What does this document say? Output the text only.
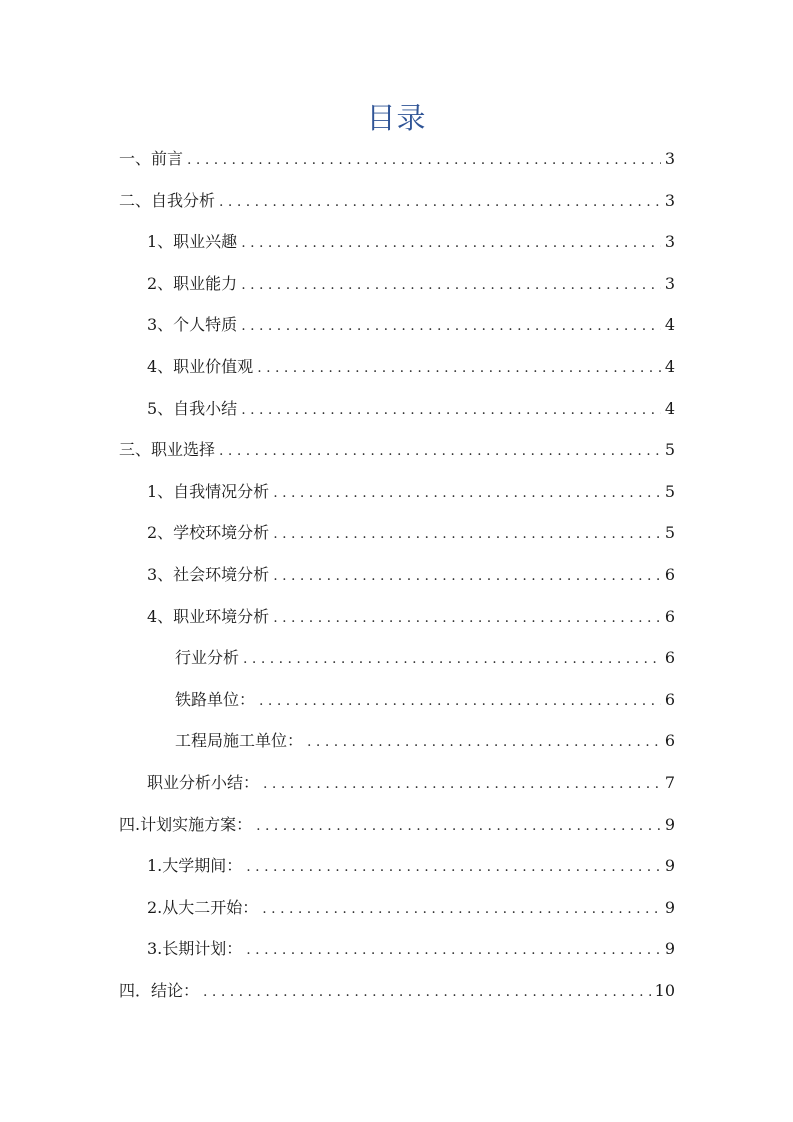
目录
一、前言 . . .	3
二、自我分析 . . .	3
1、职业兴趣 . . .	3
2、职业能力 . . .	3
3、个人特质 . . .	4
4、职业价值观 . . .	4
5、自我小结 . . .	4
三、职业选择 . . .	5
1、自我情况分析 . . .	5
2、学校环境分析 . . .	5
3、社会环境分析 . . .	6
4、职业环境分析 . . .	6
行业分析 . . .	6
铁路单位： . . .	6
工程局施工单位： . . .	6
职业分析小结： . . .	7
四.计划实施方案： . . .	9
1.大学期间： . . .	9
2.从大二开始： . . .	9
3.长期计划： . . .	9
四．结论： . . .	10
